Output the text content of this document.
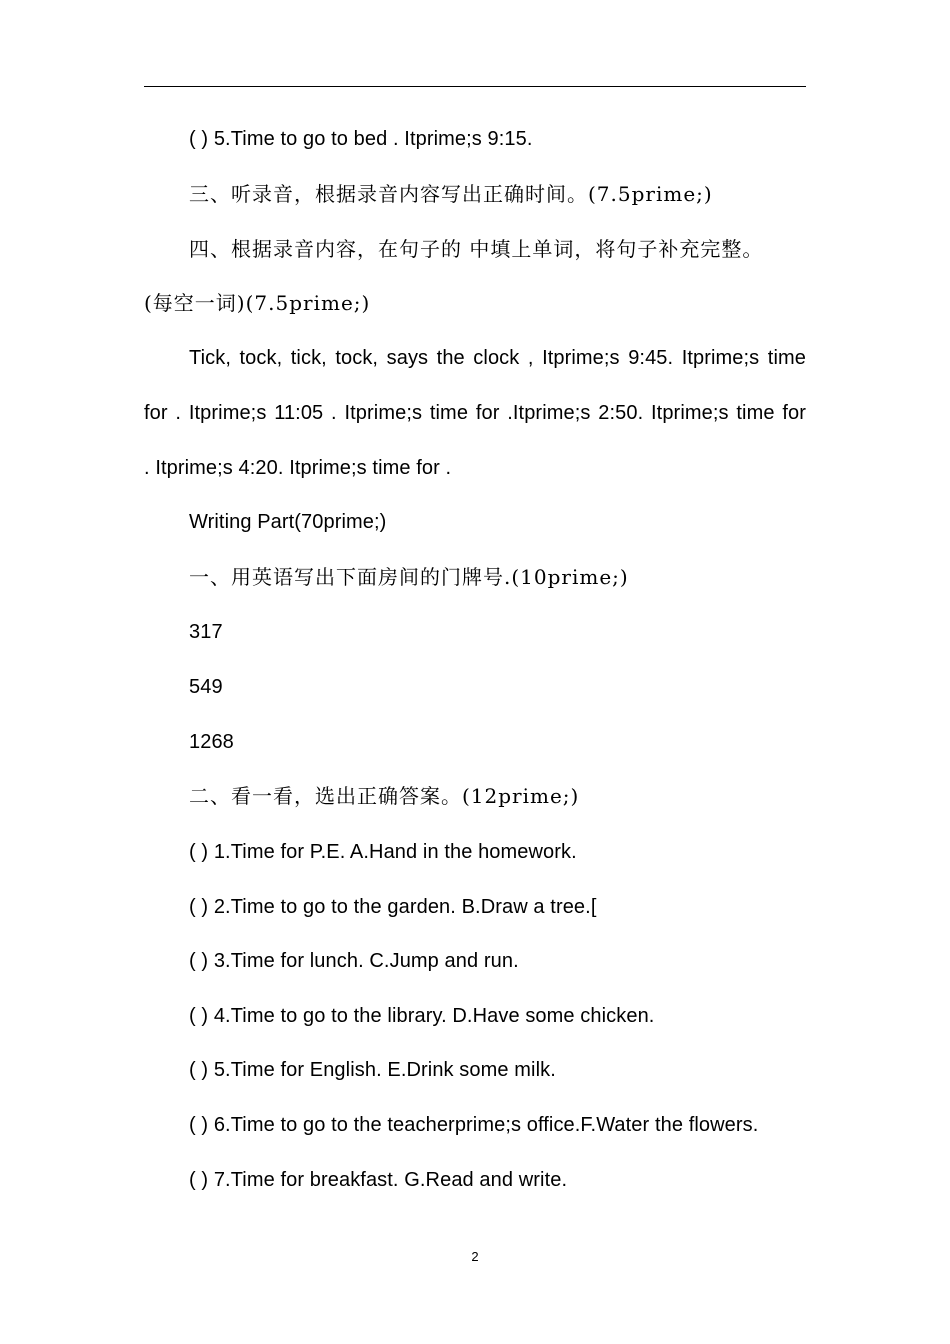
( ) 5.Time to go to bed . Itprime;s 9:15.
三、听录音，根据录音内容写出正确时间。(7.5prime;)
四、根据录音内容，在句子的 中填上单词，将句子补充完整。
(每空一词)(7.5prime;)
Tick, tock, tick, tock, says the clock , Itprime;s 9:45. Itprime;s time
for . Itprime;s 11:05 . Itprime;s time for .Itprime;s 2:50. Itprime;s time for
. Itprime;s 4:20. Itprime;s time for .
Writing Part(70prime;)
一、用英语写出下面房间的门牌号.(10prime;)
317
549
1268
二、看一看，选出正确答案。(12prime;)
( ) 1.Time for P.E. A.Hand in the homework.
( ) 2.Time to go to the garden. B.Draw a tree.[
( ) 3.Time for lunch. C.Jump and run.
( ) 4.Time to go to the library. D.Have some chicken.
( ) 5.Time for English. E.Drink some milk.
( ) 6.Time to go to the teacherprime;s office.F.Water the flowers.
( ) 7.Time for breakfast. G.Read and write.
2
